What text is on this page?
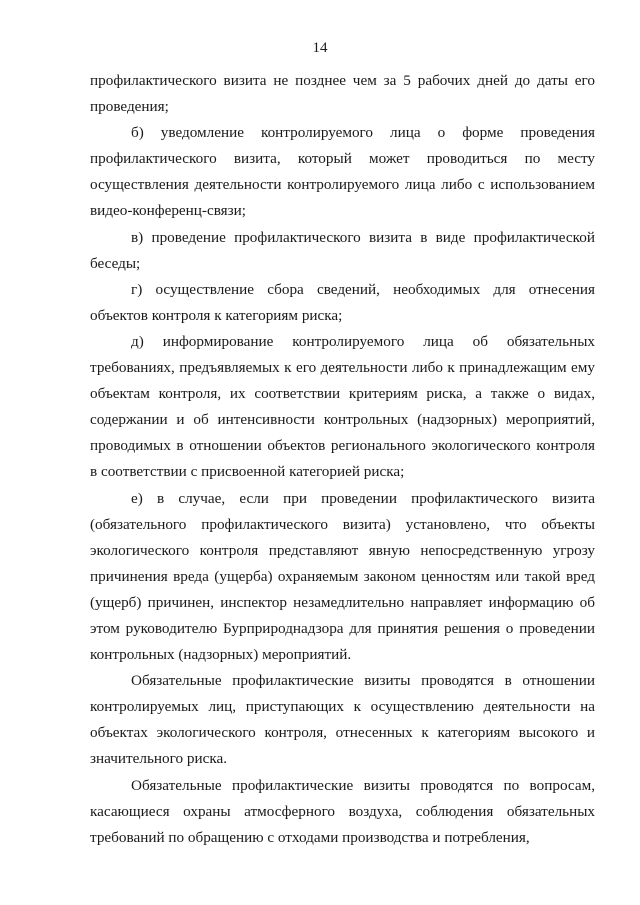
14

профилактического визита не позднее чем за 5 рабочих дней до даты его проведения;

б) уведомление контролируемого лица о форме проведения профилактического визита, который может проводиться по месту осуществления деятельности контролируемого лица либо с использованием видео-конференц-связи;

в) проведение профилактического визита в виде профилактической беседы;

г) осуществление сбора сведений, необходимых для отнесения объектов контроля к категориям риска;

д) информирование контролируемого лица об обязательных требованиях, предъявляемых к его деятельности либо к принадлежащим ему объектам контроля, их соответствии критериям риска, а также о видах, содержании и об интенсивности контрольных (надзорных) мероприятий, проводимых в отношении объектов регионального экологического контроля в соответствии с присвоенной категорией риска;

е) в случае, если при проведении профилактического визита (обязательного профилактического визита) установлено, что объекты экологического контроля представляют явную непосредственную угрозу причинения вреда (ущерба) охраняемым законом ценностям или такой вред (ущерб) причинен, инспектор незамедлительно направляет информацию об этом руководителю Бурприроднадзора для принятия решения о проведении контрольных (надзорных) мероприятий.

Обязательные профилактические визиты проводятся в отношении контролируемых лиц, приступающих к осуществлению деятельности на объектах экологического контроля, отнесенных к категориям высокого и значительного риска.

Обязательные профилактические визиты проводятся по вопросам, касающиеся охраны атмосферного воздуха, соблюдения обязательных требований по обращению с отходами производства и потребления,
